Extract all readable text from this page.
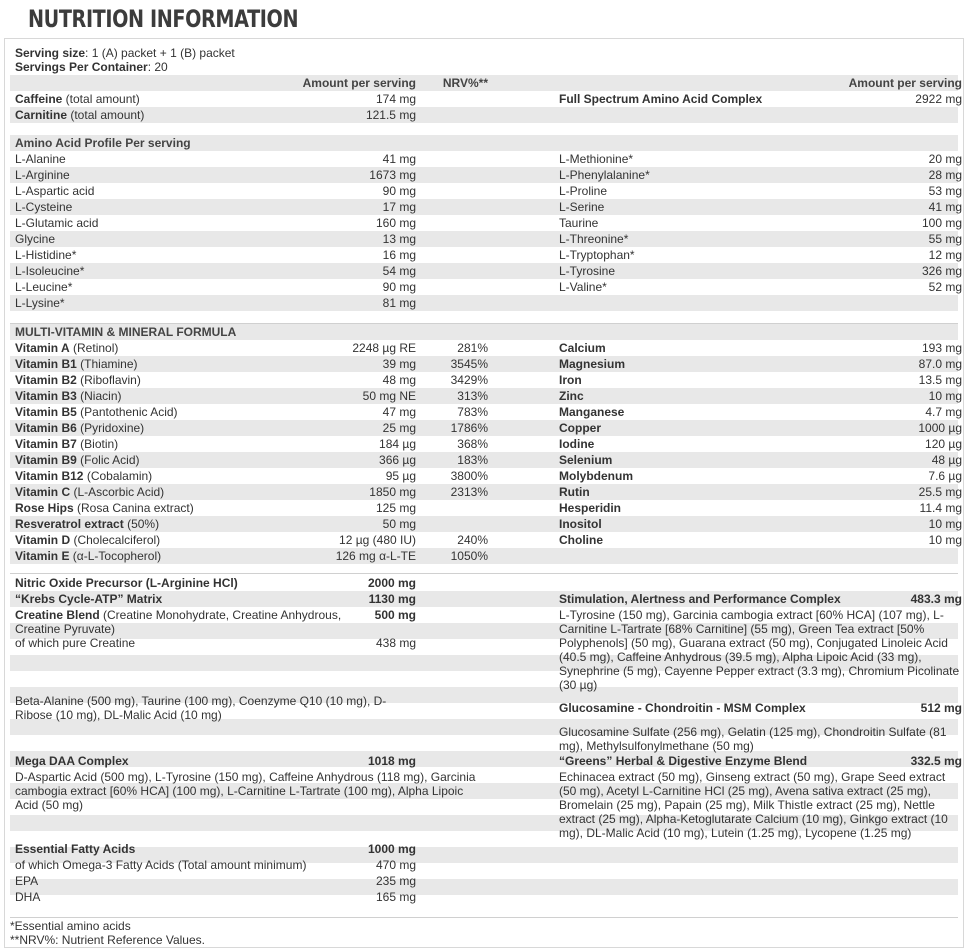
NUTRITION INFORMATION
Serving size: 1 (A) packet + 1 (B) packet
Servings Per Container: 20
Amount per serving	NRV%**	Amount per serving
Caffeine (total amount)	174 mg	Full Spectrum Amino Acid Complex	2922 mg
Carnitine (total amount)	121.5 mg
Amino Acid Profile Per serving
L-Alanine	41 mg	L-Methionine*	20 mg
L-Arginine	1673 mg	L-Phenylalanine*	28 mg
L-Aspartic acid	90 mg	L-Proline	53 mg
L-Cysteine	17 mg	L-Serine	41 mg
L-Glutamic acid	160 mg	Taurine	100 mg
Glycine	13 mg	L-Threonine*	55 mg
L-Histidine*	16 mg	L-Tryptophan*	12 mg
L-Isoleucine*	54 mg	L-Tyrosine	326 mg
L-Leucine*	90 mg	L-Valine*	52 mg
L-Lysine*	81 mg
MULTI-VITAMIN & MINERAL FORMULA
Vitamin A (Retinol)	2248 µg RE	281%	Calcium	193 mg
Vitamin B1 (Thiamine)	39 mg	3545%	Magnesium	87.0 mg
Vitamin B2 (Riboflavin)	48 mg	3429%	Iron	13.5 mg
Vitamin B3 (Niacin)	50 mg NE	313%	Zinc	10 mg
Vitamin B5 (Pantothenic Acid)	47 mg	783%	Manganese	4.7 mg
Vitamin B6 (Pyridoxine)	25 mg	1786%	Copper	1000 µg
Vitamin B7 (Biotin)	184 µg	368%	Iodine	120 µg
Vitamin B9 (Folic Acid)	366 µg	183%	Selenium	48 µg
Vitamin B12 (Cobalamin)	95 µg	3800%	Molybdenum	7.6 µg
Vitamin C (L-Ascorbic Acid)	1850 mg	2313%	Rutin	25.5 mg
Rose Hips (Rosa Canina extract)	125 mg	Hesperidin	11.4 mg
Resveratrol extract (50%)	50 mg	Inositol	10 mg
Vitamin D (Cholecalciferol)	12 µg (480 IU)	240%	Choline	10 mg
Vitamin E (α-L-Tocopherol)	126 mg α-L-TE	1050%
Nitric Oxide Precursor (L-Arginine HCl)	2000 mg
“Krebs Cycle-ATP” Matrix	1130 mg
Creatine Blend (Creatine Monohydrate, Creatine Anhydrous, Creatine Pyruvate)
500 mg
of which pure Creatine	438 mg
Beta-Alanine (500 mg), Taurine (100 mg), Coenzyme Q10 (10 mg), D-Ribose (10 mg), DL-Malic Acid (10 mg)
Mega DAA Complex	1018 mg
D-Aspartic Acid (500 mg), L-Tyrosine (150 mg), Caffeine Anhydrous (118 mg), Garcinia cambogia extract [60% HCA] (100 mg), L-Carnitine L-Tartrate (100 mg), Alpha Lipoic Acid (50 mg)
Essential Fatty Acids	1000 mg
of which Omega-3 Fatty Acids (Total amount minimum)	470 mg
EPA	235 mg
DHA	165 mg
Stimulation, Alertness and Performance Complex	483.3 mg
L-Tyrosine (150 mg), Garcinia cambogia extract [60% HCA] (107 mg), L-Carnitine L-Tartrate [68% Carnitine] (55 mg), Green Tea extract [50% Polyphenols] (50 mg), Guarana extract (50 mg), Conjugated Linoleic Acid (40.5 mg), Caffeine Anhydrous (39.5 mg), Alpha Lipoic Acid (33 mg), Synephrine (5 mg), Cayenne Pepper extract (3.3 mg), Chromium Picolinate (30 µg)
Glucosamine - Chondroitin - MSM Complex	512 mg
Glucosamine Sulfate (256 mg), Gelatin (125 mg), Chondroitin Sulfate (81 mg), Methylsulfonylmethane (50 mg)
“Greens” Herbal & Digestive Enzyme Blend	332.5 mg
Echinacea extract (50 mg), Ginseng extract (50 mg), Grape Seed extract (50 mg), Acetyl L-Carnitine HCl (25 mg), Avena sativa extract (25 mg), Bromelain (25 mg), Papain (25 mg), Milk Thistle extract (25 mg), Nettle extract (25 mg), Alpha-Ketoglutarate Calcium (10 mg), Ginkgo extract (10 mg), DL-Malic Acid (10 mg), Lutein (1.25 mg), Lycopene (1.25 mg)
*Essential amino acids
**NRV%: Nutrient Reference Values.
